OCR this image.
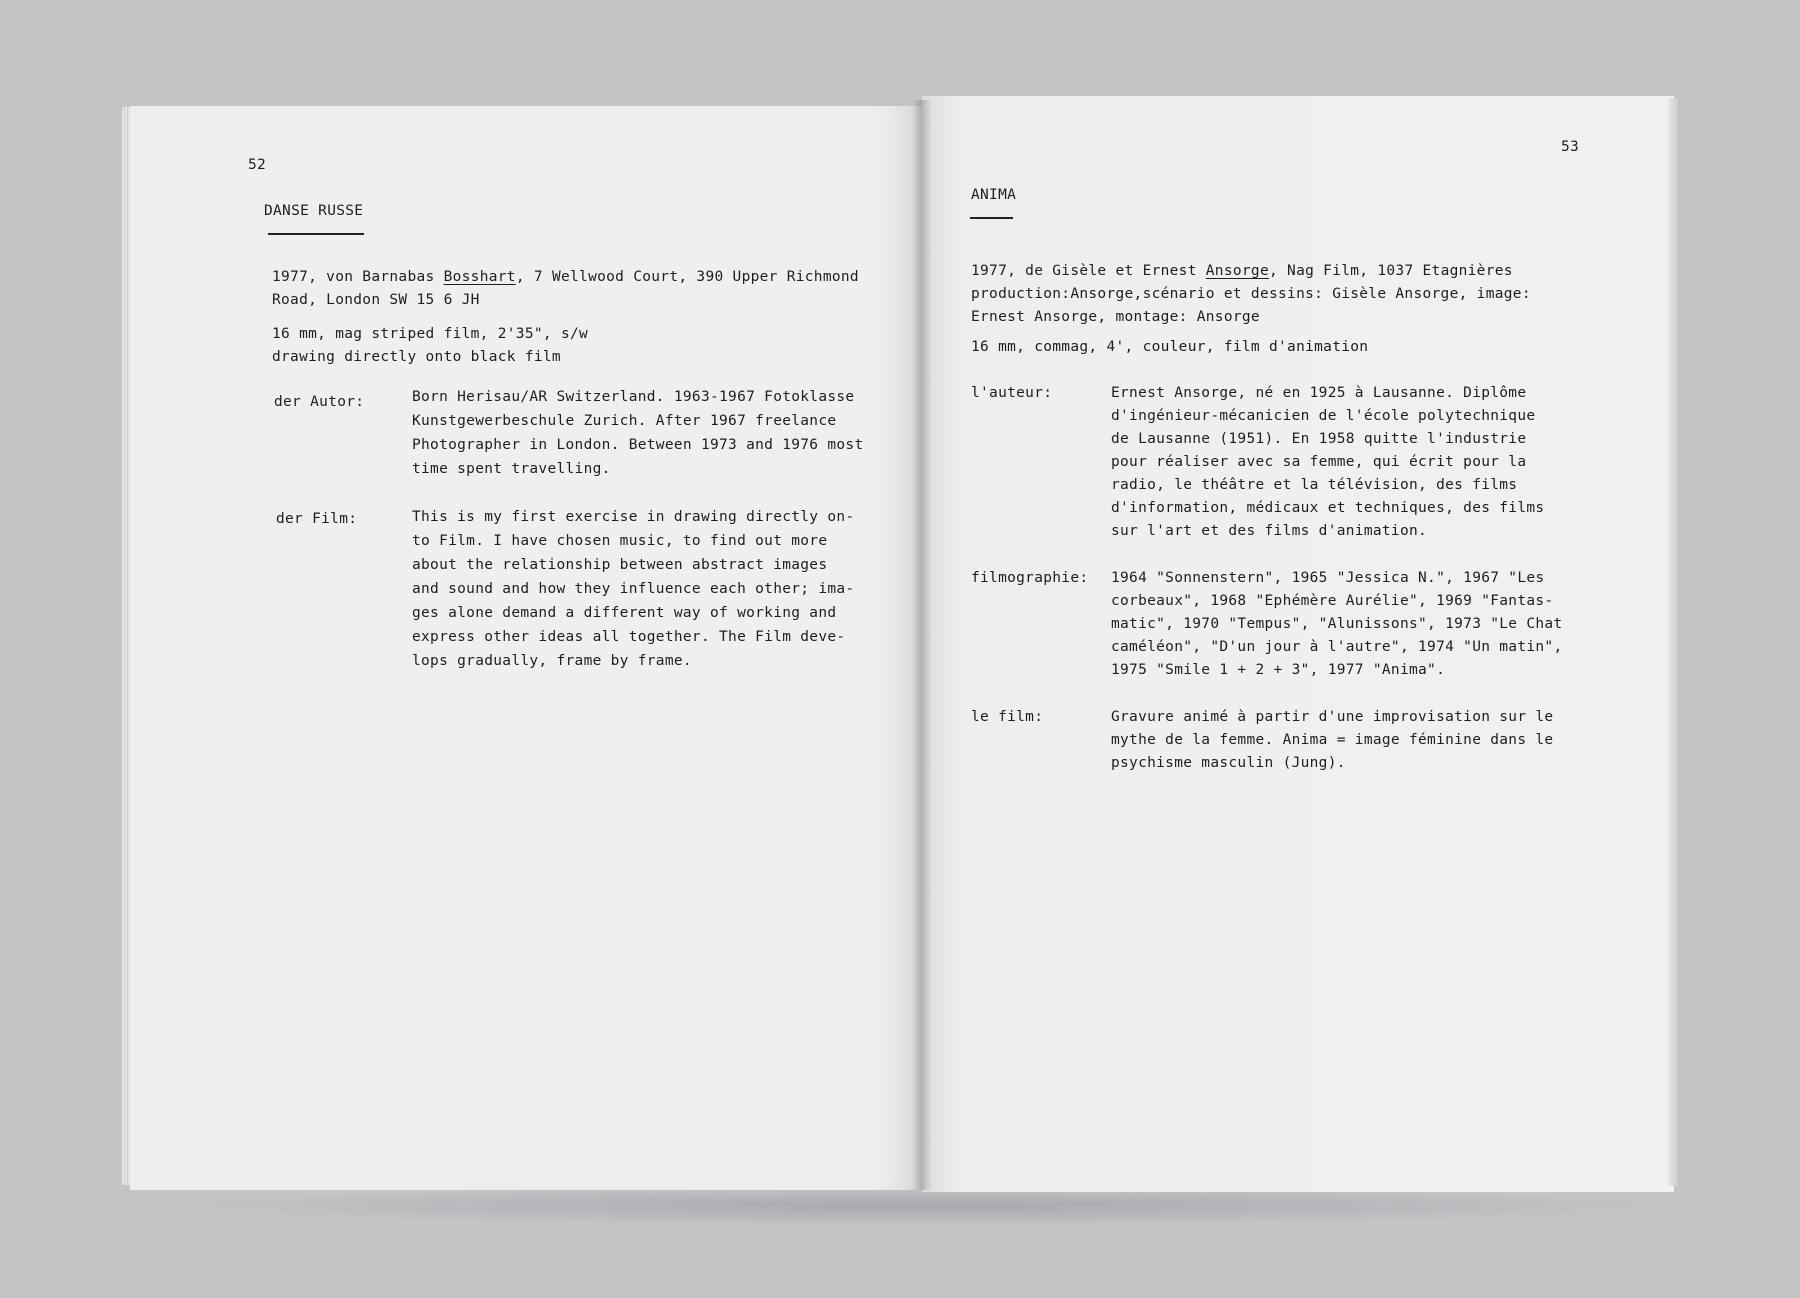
52
DANSE RUSSE
1977, von Barnabas Bosshart, 7 Wellwood Court, 390 Upper Richmond
Road, London SW 15 6 JH
16 mm, mag striped film, 2'35", s/w
drawing directly onto black film
der Autor:	Born Herisau/AR Switzerland. 1963-1967 Fotoklasse
Kunstgewerbeschule Zurich. After 1967 freelance
Photographer in London. Between 1973 and 1976 most
time spent travelling.
der Film:	This is my first exercise in drawing directly on-
to Film. I have chosen music, to find out more
about the relationship between abstract images
and sound and how they influence each other; ima-
ges alone demand a different way of working and
express other ideas all together. The Film deve-
lops gradually, frame by frame.
53
ANIMA
1977, de Gisèle et Ernest Ansorge, Nag Film, 1037 Etagnières
production:Ansorge,scénario et dessins: Gisèle Ansorge, image:
Ernest Ansorge, montage: Ansorge
16 mm, commag, 4', couleur, film d'animation
l'auteur:	Ernest Ansorge, né en 1925 à Lausanne. Diplôme
d'ingénieur-mécanicien de l'école polytechnique
de Lausanne (1951). En 1958 quitte l'industrie
pour réaliser avec sa femme, qui écrit pour la
radio, le théâtre et la télévision, des films
d'information, médicaux et techniques, des films
sur l'art et des films d'animation.
filmographie: 1964 "Sonnenstern", 1965 "Jessica N.", 1967 "Les
corbeaux", 1968 "Ephémère Aurélie", 1969 "Fantas-
matic", 1970 "Tempus", "Alunissons", 1973 "Le Chat
caméléon", "D'un jour à l'autre", 1974 "Un matin",
1975 "Smile 1 + 2 + 3", 1977 "Anima".
le film:	Gravure animé à partir d'une improvisation sur le
mythe de la femme. Anima = image féminine dans le
psychisme masculin (Jung).
